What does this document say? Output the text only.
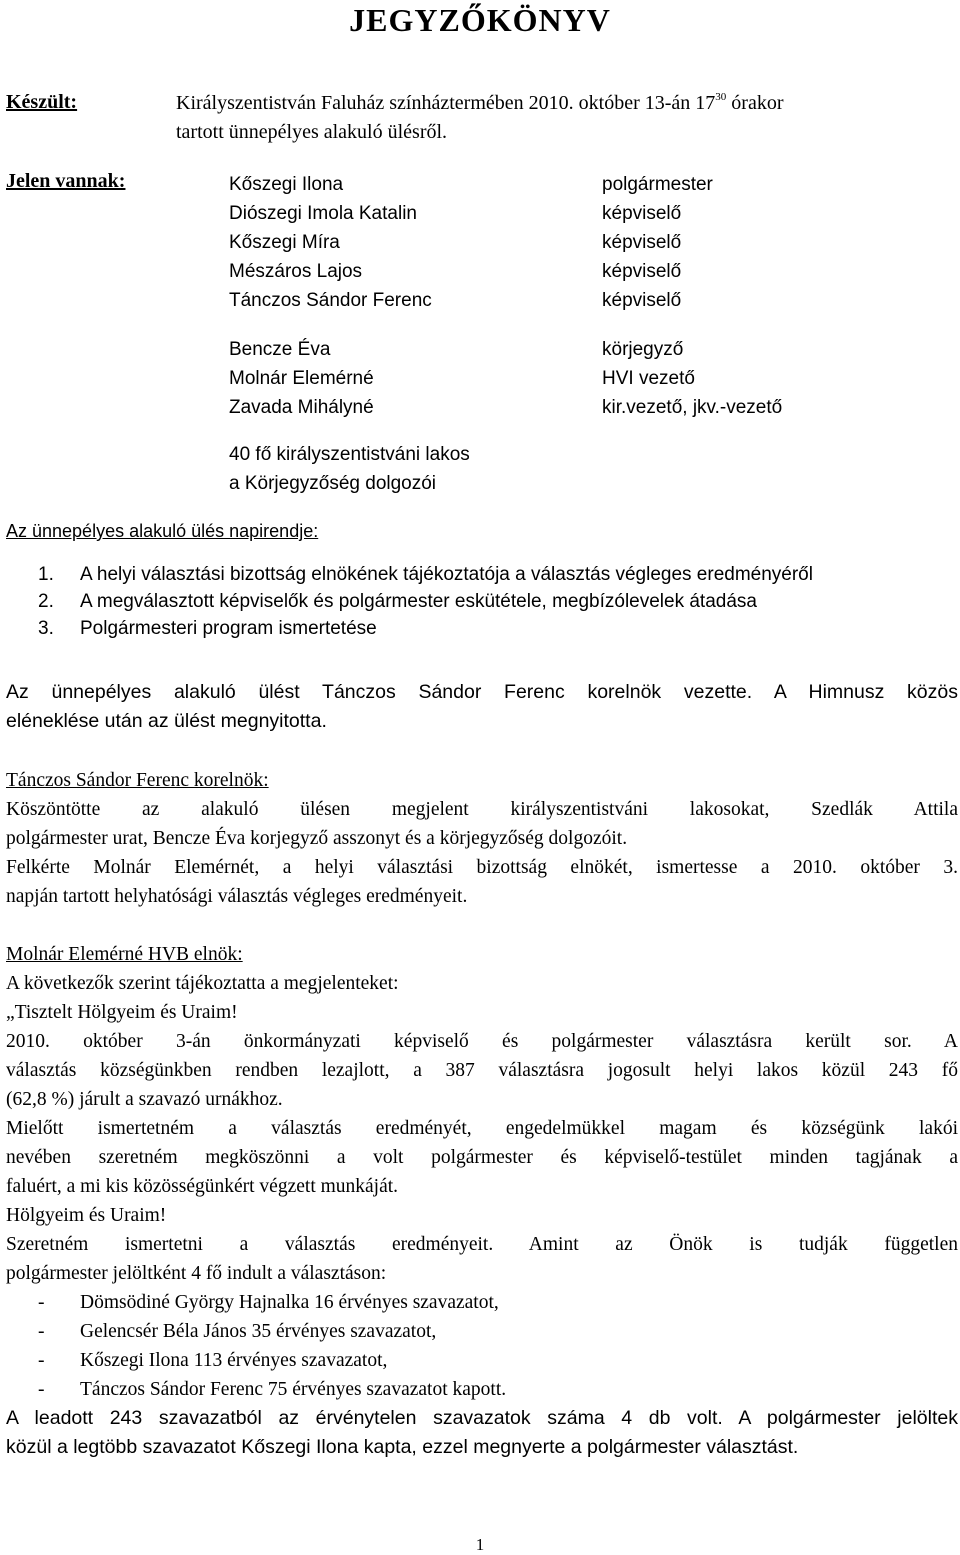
JEGYZŐKÖNYV
Készült:	Királyszentistván Faluház színháztermében 2010. október 13-án $17^{30}$ órakor
tartott ünnepélyes alakuló ülésről.
Jelen vannak:	Kőszegi Ilona
Diószegi Imola Katalin
Kőszegi Míra
Mészáros Lajos
Tánczos Sándor Ferenc
polgármester
képviselő
képviselő
képviselő
képviselő
Bencze Éva
Molnár Elemérné
Zavada Mihályné
körjegyző
HVI vezető
kir.vezető, jkv.-vezető
40 fő királyszentistváni lakos
a Körjegyzőség dolgozói
Az ünnepélyes alakuló ülés napirendje:
1. A helyi választási bizottság elnökének tájékoztatója a választás végleges eredményéről
2. A megválasztott képviselők és polgármester eskütétele, megbízólevelek átadása
3. Polgármesteri program ismertetése
Az ünnepélyes alakuló ülést Tánczos Sándor Ferenc korelnök vezette. A Himnusz közös
eléneklése után az ülést megnyitotta.
Tánczos Sándor Ferenc korelnök:
Köszöntötte az alakuló ülésen megjelent királyszentistváni lakosokat, Szedlák Attila
polgármester urat, Bencze Éva korjegyző asszonyt és a körjegyzőség dolgozóit.
Felkérte Molnár Elemérnét, a helyi választási bizottság elnökét, ismertesse a 2010. október 3.
napján tartott helyhatósági választás végleges eredményeit.
Molnár Elemérné HVB elnök:
A következők szerint tájékoztatta a megjelenteket:
„Tisztelt Hölgyeim és Uraim!
2010. október 3-án önkormányzati képviselő és polgármester választásra került sor. A
választás községünkben rendben lezajlott, a 387 választásra jogosult helyi lakos közül 243 fő
(62,8 %) járult a szavazó urnákhoz.
Mielőtt ismertetném a választás eredményét, engedelmükkel magam és községünk lakói
nevében szeretném megköszönni a volt polgármester és képviselő-testület minden tagjának a
faluért, a mi kis közösségünkért végzett munkáját.
Hölgyeim és Uraim!
Szeretném ismertetni a választás eredményeit. Amint az Önök is tudják független
polgármester jelöltként 4 fő indult a választáson:
- Dömsödiné György Hajnalka 16 érvényes szavazatot,
- Gelencsér Béla János 35 érvényes szavazatot,
- Kőszegi Ilona 113 érvényes szavazatot,
- Tánczos Sándor Ferenc 75 érvényes szavazatot kapott.
A leadott 243 szavazatból az érvénytelen szavazatok száma 4 db volt. A polgármester jelöltek
közül a legtöbb szavazatot Kőszegi Ilona kapta, ezzel megnyerte a polgármester választást.
1
